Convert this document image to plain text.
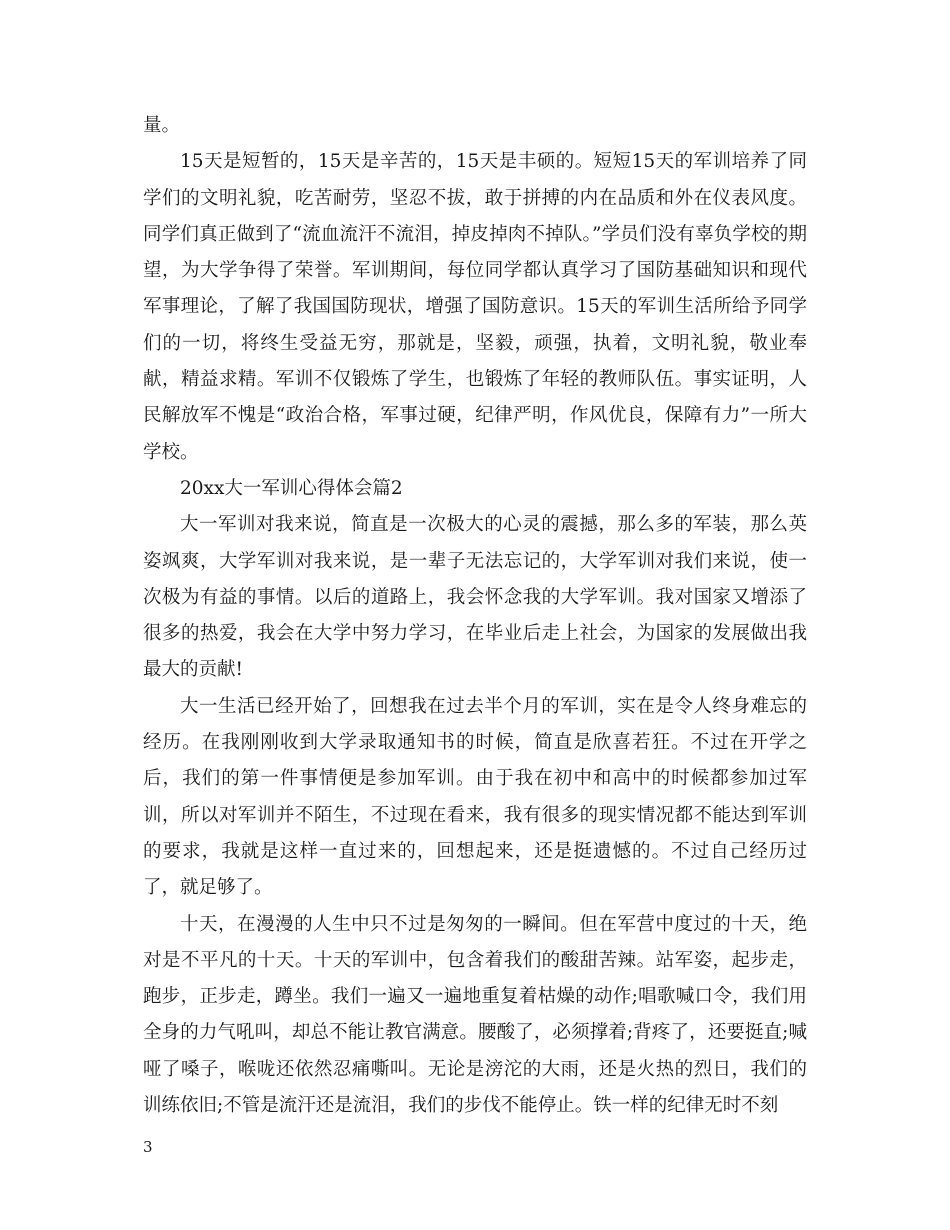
量。

15天是短暂的，15天是辛苦的，15天是丰硕的。短短15天的军训培养了同学们的文明礼貌，吃苦耐劳，坚忍不拔，敢于拼搏的内在品质和外在仪表风度。同学们真正做到了“流血流汗不流泪，掉皮掉肉不掉队。”学员们没有辜负学校的期望，为大学争得了荣誉。军训期间，每位同学都认真学习了国防基础知识和现代军事理论，了解了我国国防现状，增强了国防意识。15天的军训生活所给予同学们的一切，将终生受益无穷，那就是，坚毅，顽强，执着，文明礼貌，敬业奉献，精益求精。军训不仅锻炼了学生，也锻炼了年轻的教师队伍。事实证明，人民解放军不愧是“政治合格，军事过硬，纪律严明，作风优良，保障有力”一所大学校。

20xx大一军训心得体会篇2

大一军训对我来说，简直是一次极大的心灵的震撼，那么多的军装，那么英姿飒爽，大学军训对我来说，是一辈子无法忘记的，大学军训对我们来说，使一次极为有益的事情。以后的道路上，我会怀念我的大学军训。我对国家又增添了很多的热爱，我会在大学中努力学习，在毕业后走上社会，为国家的发展做出我最大的贡献!

大一生活已经开始了，回想我在过去半个月的军训，实在是令人终身难忘的经历。在我刚刚收到大学录取通知书的时候，简直是欣喜若狂。不过在开学之后，我们的第一件事情便是参加军训。由于我在初中和高中的时候都参加过军训，所以对军训并不陌生，不过现在看来，我有很多的现实情况都不能达到军训的要求，我就是这样一直过来的，回想起来，还是挺遗憾的。不过自己经历过了，就足够了。

十天，在漫漫的人生中只不过是匆匆的一瞬间。但在军营中度过的十天，绝对是不平凡的十天。十天的军训中，包含着我们的酸甜苦辣。站军姿，起步走，跑步，正步走，蹲坐。我们一遍又一遍地重复着枯燥的动作;唱歌喊口令，我们用全身的力气吼叫，却总不能让教官满意。腰酸了，必须撑着;背疼了，还要挺直;喊哑了嗓子，喉咙还依然忍痛嘶叫。无论是滂沱的大雨，还是火热的烈日，我们的训练依旧;不管是流汗还是流泪，我们的步伐不能停止。铁一样的纪律无时不刻

3
